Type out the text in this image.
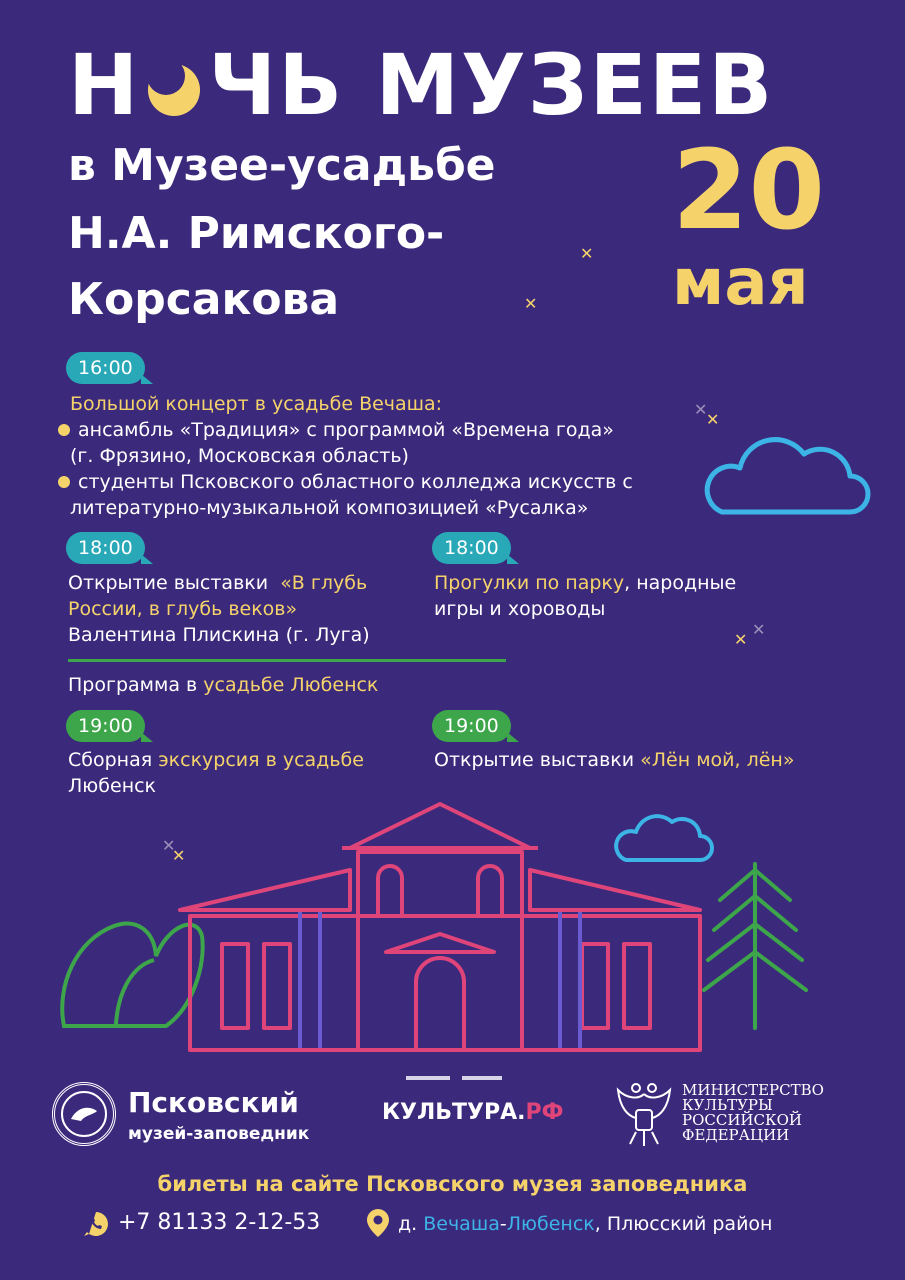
Н ЧЬ МУЗЕЕВ
в Музее-усадьбе
Н.А. Римского-
Корсакова
20
мая
✕
✕
✕
✕
✕
✕
✕
✕
16:00
Большой концерт в усадьбе Вечаша:
ансамбль «Традиция» с программой «Времена года»
(г. Фрязино, Московская область)
студенты Псковского областного колледжа искусств с
литературно-музыкальной композицией «Русалка»
18:00
Открытие выставки «В глубь
России, в глубь веков»
Валентина Плискина (г. Луга)
18:00
Прогулки по парку, народные
игры и хороводы
Программа в усадьбе Любенск
19:00
Сборная экскурсия в усадьбе
Любенск
19:00
Открытие выставки «Лён мой, лён»
Псковский
музей-заповедник
КУЛЬТУРА.РФ
МИНИСТЕРСТВО
КУЛЬТУРЫ
РОССИЙСКОЙ
ФЕДЕРАЦИИ
билеты на сайте Псковского музея заповедника
+7 81133 2-12-53	д. Вечаша-Любенск, Плюсский район
